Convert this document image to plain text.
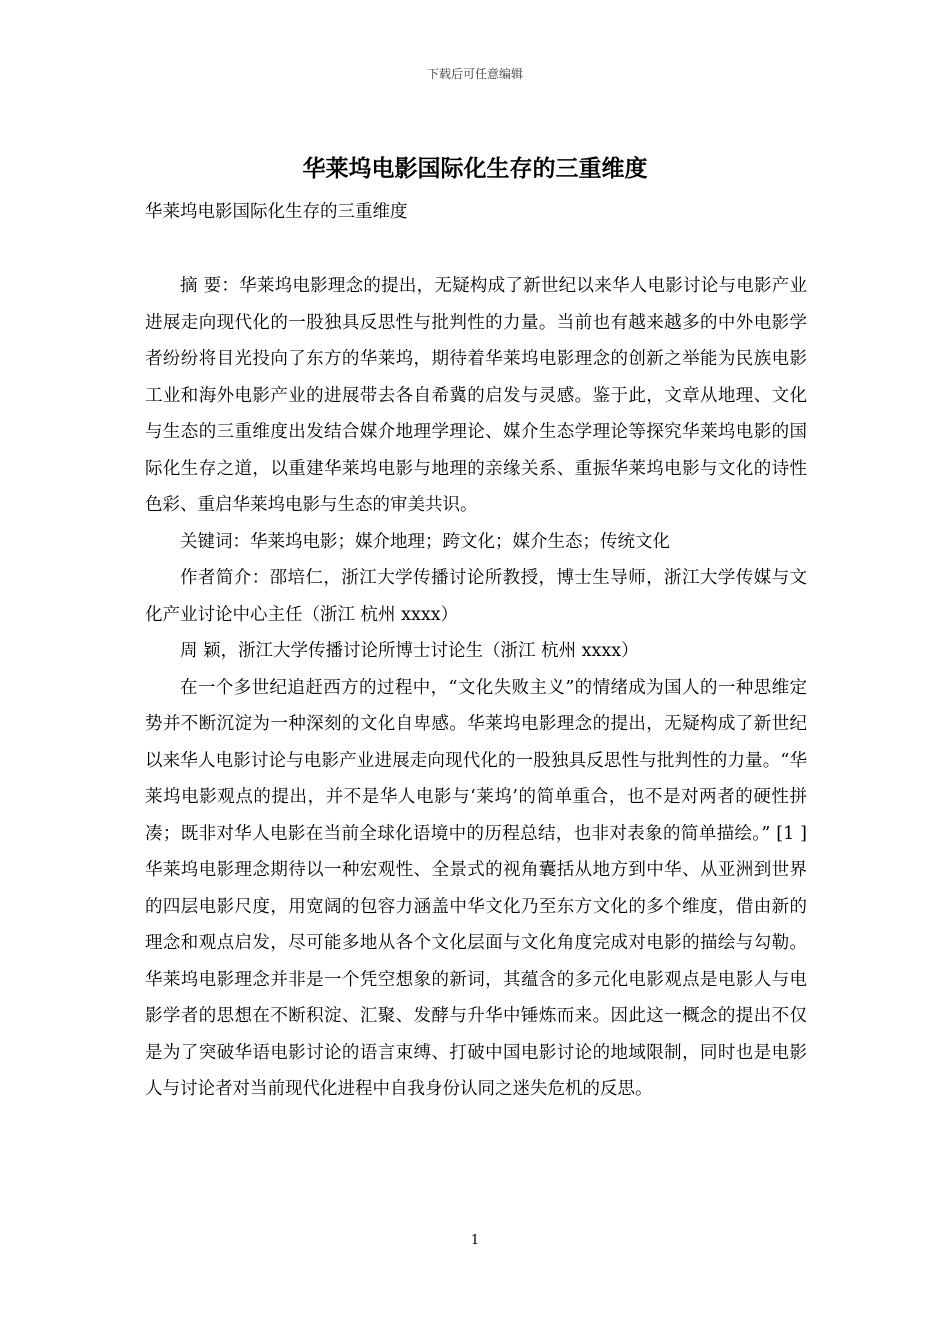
下载后可任意编辑
华莱坞电影国际化生存的三重维度
华莱坞电影国际化生存的三重维度

摘 要：华莱坞电影理念的提出，无疑构成了新世纪以来华人电影讨论与电影产业进展走向现代化的一股独具反思性与批判性的力量。当前也有越来越多的中外电影学者纷纷将目光投向了东方的华莱坞，期待着华莱坞电影理念的创新之举能为民族电影工业和海外电影产业的进展带去各自希冀的启发与灵感。鉴于此，文章从地理、文化与生态的三重维度出发结合媒介地理学理论、媒介生态学理论等探究华莱坞电影的国际化生存之道，以重建华莱坞电影与地理的亲缘关系、重振华莱坞电影与文化的诗性色彩、重启华莱坞电影与生态的审美共识。

关键词：华莱坞电影；媒介地理；跨文化；媒介生态；传统文化

作者简介：邵培仁，浙江大学传播讨论所教授，博士生导师，浙江大学传媒与文化产业讨论中心主任（浙江 杭州 xxxx）

周 颖，浙江大学传播讨论所博士讨论生（浙江 杭州 xxxx）

在一个多世纪追赶西方的过程中，“文化失败主义”的情绪成为国人的一种思维定势并不断沉淀为一种深刻的文化自卑感。华莱坞电影理念的提出，无疑构成了新世纪以来华人电影讨论与电影产业进展走向现代化的一股独具反思性与批判性的力量。“华莱坞电影观点的提出，并不是华人电影与‘莱坞’的简单重合，也不是对两者的硬性拼凑；既非对华人电影在当前全球化语境中的历程总结，也非对表象的简单描绘。” [1 ]华莱坞电影理念期待以一种宏观性、全景式的视角囊括从地方到中华、从亚洲到世界的四层电影尺度，用宽阔的包容力涵盖中华文化乃至东方文化的多个维度，借由新的理念和观点启发，尽可能多地从各个文化层面与文化角度完成对电影的描绘与勾勒。华莱坞电影理念并非是一个凭空想象的新词，其蕴含的多元化电影观点是电影人与电影学者的思想在不断积淀、汇聚、发酵与升华中锤炼而来。因此这一概念的提出不仅是为了突破华语电影讨论的语言束缚、打破中国电影讨论的地域限制，同时也是电影人与讨论者对当前现代化进程中自我身份认同之迷失危机的反思。

1
